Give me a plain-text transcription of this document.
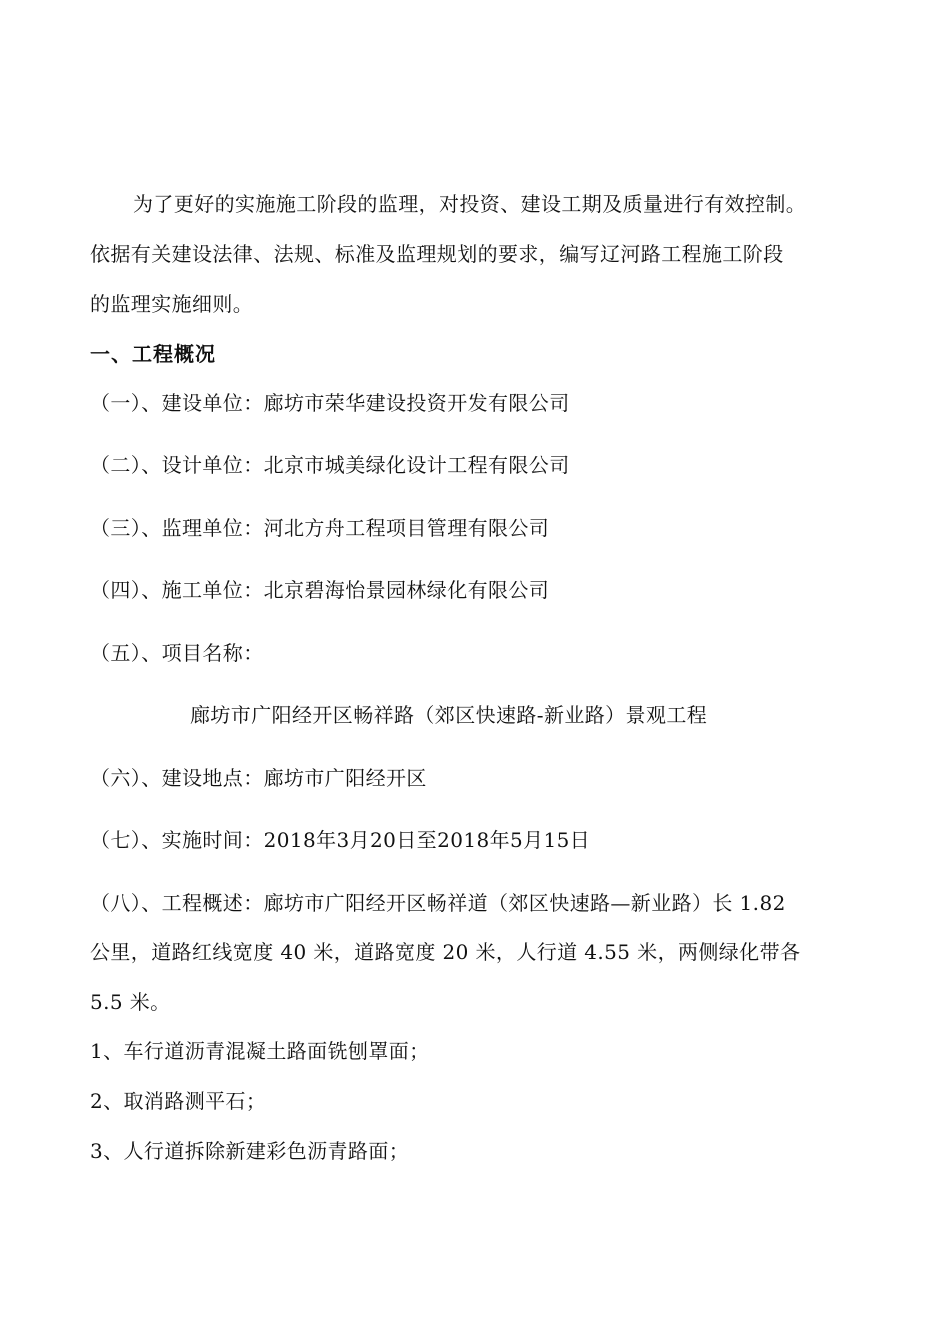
为了更好的实施施工阶段的监理，对投资、建设工期及质量进行有效控制。
依据有关建设法律、法规、标准及监理规划的要求，编写辽河路工程施工阶段
的监理实施细则。
一、工程概况
（一）、建设单位：廊坊市荣华建设投资开发有限公司
（二）、设计单位：北京市城美绿化设计工程有限公司
（三）、监理单位：河北方舟工程项目管理有限公司
（四）、施工单位：北京碧海怡景园林绿化有限公司
（五）、项目名称：
廊坊市广阳经开区畅祥路（郊区快速路-新业路）景观工程
（六）、建设地点：廊坊市广阳经开区
（七）、实施时间：2018年3月20日至2018年5月15日
（八）、工程概述：廊坊市广阳经开区畅祥道（郊区快速路—新业路）长 1.82
公里，道路红线宽度 40 米，道路宽度 20 米，人行道 4.55 米，两侧绿化带各
5.5 米。
1、车行道沥青混凝土路面铣刨罩面；
2、取消路测平石；
3、人行道拆除新建彩色沥青路面；
